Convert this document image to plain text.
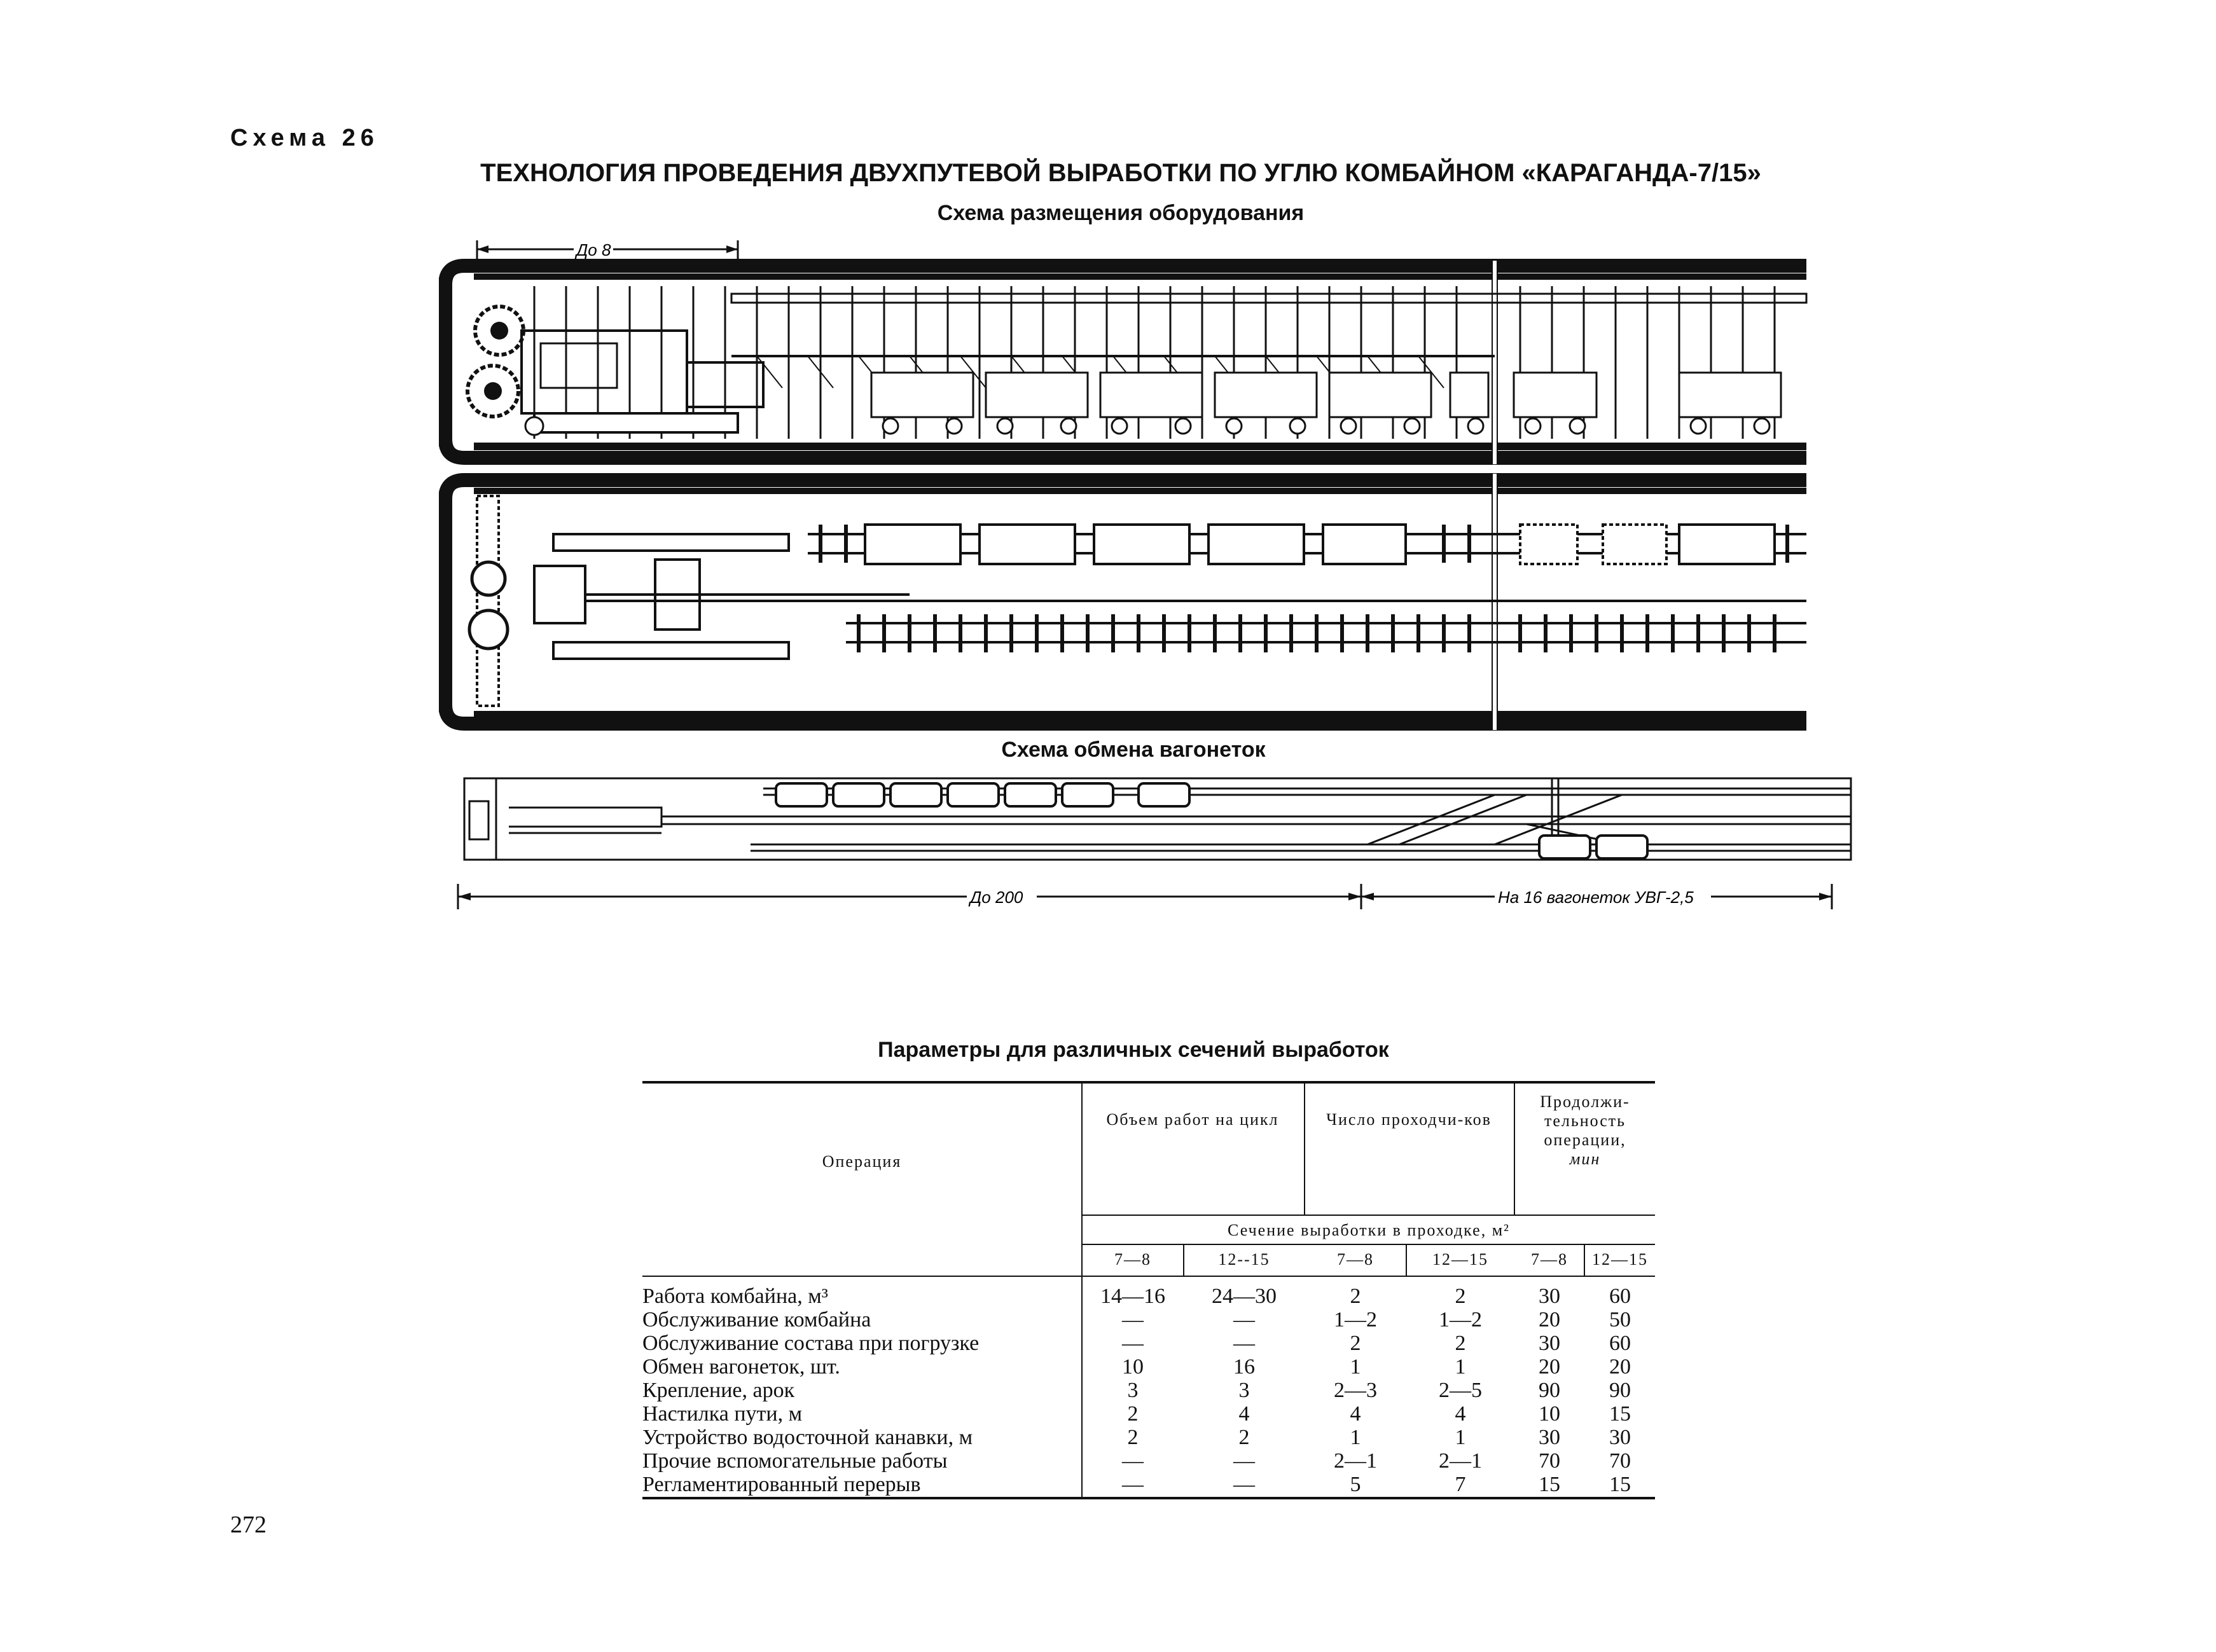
Схема 26
ТЕХНОЛОГИЯ ПРОВЕДЕНИЯ ДВУХПУТЕВОЙ ВЫРАБОТКИ ПО УГЛЮ КОМБАЙНОМ «КАРАГАНДА-7/15»
Схема размещения оборудования
До 8
Схема обмена вагонеток
До 200	На 16 вагонеток УВГ-2,5
Параметры для различных сечений выработок
Операция
Объем работ на цикл	Число проходчи-ков
Продолжи-
тельность
операции,
мин
Сечение выработки в проходке, м²
7—8	12--15	7—8	12—15	7—8	12—15
Работа комбайна, м³	14—16	24—30	2	2	30	60
Обслуживание комбайна	—	—	1—2	1—2	20	50
Обслуживание состава при погрузке	—	—	2	2	30	60
Обмен вагонеток, шт.	10	16	1	1	20	20
Крепление, арок	3	3	2—3	2—5	90	90
Настилка пути, м	2	4	4	4	10	15
Устройство водосточной канавки, м	2	2	1	1	30	30
Прочие вспомогательные работы	—	—	2—1	2—1	70	70
Регламентированный перерыв	—	—	5	7	15	15
272
